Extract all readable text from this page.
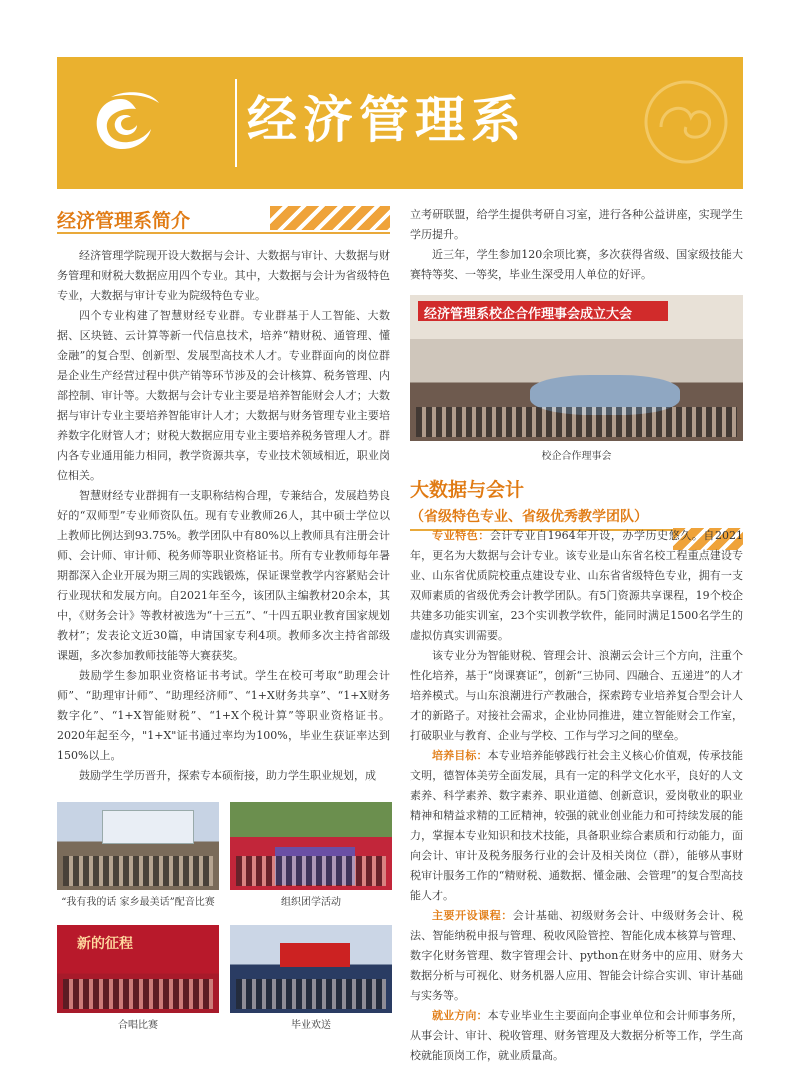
经济管理系
经济管理系简介

经济管理学院现开设大数据与会计、大数据与审计、大数据与财务管理和财税大数据应用四个专业。其中，大数据与会计为省级特色专业，大数据与审计专业为院级特色专业。

四个专业构建了智慧财经专业群。专业群基于人工智能、大数据、区块链、云计算等新一代信息技术，培养“精财税、通管理、懂金融”的复合型、创新型、发展型高技术人才。专业群面向的岗位群是企业生产经营过程中供产销等环节涉及的会计核算、税务管理、内部控制、审计等。大数据与会计专业主要是培养智能财会人才；大数据与审计专业主要培养智能审计人才；大数据与财务管理专业主要培养数字化财管人才；财税大数据应用专业主要培养税务管理人才。群内各专业通用能力相同，教学资源共享，专业技术领域相近，职业岗位相关。

智慧财经专业群拥有一支职称结构合理，专兼结合，发展趋势良好的“双师型”专业师资队伍。现有专业教师26人，其中硕士学位以上教师比例达到93.75%。教学团队中有80%以上教师具有注册会计师、会计师、审计师、税务师等职业资格证书。所有专业教师每年暑期都深入企业开展为期三周的实践锻炼，保证课堂教学内容紧贴会计行业现状和发展方向。自2021年至今，该团队主编教材20余本，其中，《财务会计》等教材被选为“十三五”、“十四五职业教育国家规划教材”；发表论文近30篇，申请国家专利4项。教师多次主持省部级课题，多次参加教师技能等大赛获奖。

鼓励学生参加职业资格证书考试。学生在校可考取“助理会计师”、“助理审计师”、“助理经济师”、“1+X财务共享”、“1+X财务数字化”、“1+X智能财税”、“1+X个税计算”等职业资格证书。2020年起至今，"1+X"证书通过率均为100%，毕业生获证率达到150%以上。

鼓励学生学历晋升，探索专本硕衔接，助力学生职业规划，成

“我有我的话 家乡最美话”配音比赛	组织团学活动
新的征程
合唱比赛	毕业欢送

立考研联盟，给学生提供考研自习室，进行各种公益讲座，实现学生学历提升。

近三年，学生参加120余项比赛，多次获得省级、国家级技能大赛特等奖、一等奖，毕业生深受用人单位的好评。

经济管理系校企合作理事会成立大会
校企合作理事会
大数据与会计
（省级特色专业、省级优秀教学团队）

专业特色：会计专业自1964年开设，办学历史悠久。自2021年，更名为大数据与会计专业。该专业是山东省名校工程重点建设专业、山东省优质院校重点建设专业、山东省省级特色专业，拥有一支双师素质的省级优秀会计教学团队。有5门资源共享课程，19个校企共建多功能实训室，23个实训教学软件，能同时满足1500名学生的虚拟仿真实训需要。

该专业分为智能财税、管理会计、浪潮云会计三个方向，注重个性化培养，基于“岗课赛证”，创新“三协同、四融合、五递进”的人才培养模式。与山东浪潮进行产教融合，探索跨专业培养复合型会计人才的新路子。对接社会需求，企业协同推进，建立智能财会工作室，打破职业与教育、企业与学校、工作与学习之间的壁垒。

培养目标：本专业培养能够践行社会主义核心价值观，传承技能文明，德智体美劳全面发展，具有一定的科学文化水平，良好的人文素养、科学素养、数字素养、职业道德、创新意识，爱岗敬业的职业精神和精益求精的工匠精神，较强的就业创业能力和可持续发展的能力，掌握本专业知识和技术技能，具备职业综合素质和行动能力，面向会计、审计及税务服务行业的会计及相关岗位（群），能够从事财税审计服务工作的“精财税、通数据、懂金融、会管理”的复合型高技能人才。

主要开设课程：会计基础、初级财务会计、中级财务会计、税法、智能纳税申报与管理、税收风险管控、智能化成本核算与管理、数字化财务管理、数字管理会计、python在财务中的应用、财务大数据分析与可视化、财务机器人应用、智能会计综合实训、审计基础与实务等。

就业方向：本专业毕业生主要面向企事业单位和会计师事务所，从事会计、审计、税收管理、财务管理及大数据分析等工作，学生高校就能顶岗工作，就业质量高。
